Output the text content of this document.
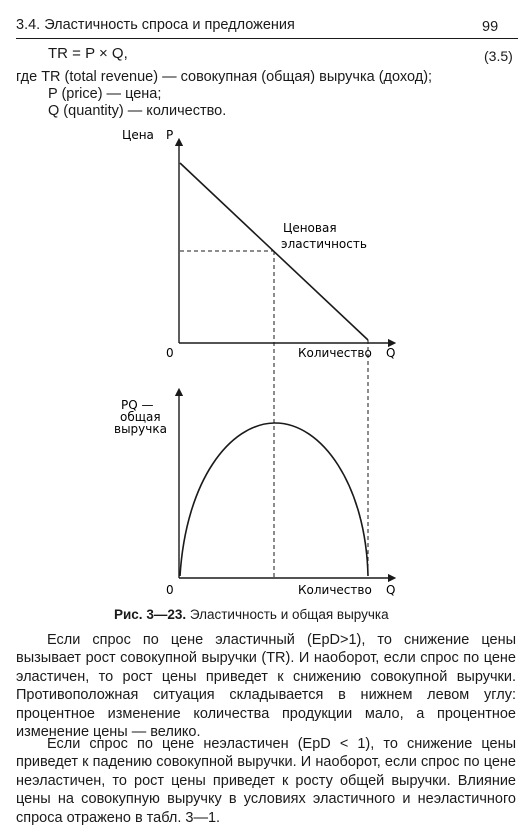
3.4. Эластичность спроса и предложения	99
TR = P × Q,	(3.5)
где TR (total revenue) — совокупная (общая) выручка (доход);
P (price) — цена;
Q (quantity) — количество.
Цена P
0	Количество Q
Ценовая
эластичность
PQ —
общая
выручка
0	Количество Q
Рис. 3—23. Эластичность и общая выручка
Если спрос по цене эластичный (EpD>1), то снижение цены вызывает рост совокупной выручки (TR). И наоборот, если спрос по цене эластичен, то рост цены приведет к снижению совокупной выручки. Противоположная ситуация складывается в нижнем левом углу: процентное изменение количества продукции мало, а процентное изменение цены — велико.
Если спрос по цене неэластичен (EpD < 1), то снижение цены приведет к падению совокупной выручки. И наоборот, если спрос по цене неэластичен, то рост цены приведет к росту общей выручки. Влияние цены на совокупную выручку в условиях эластичного и неэластичного спроса отражено в табл. 3—1.
